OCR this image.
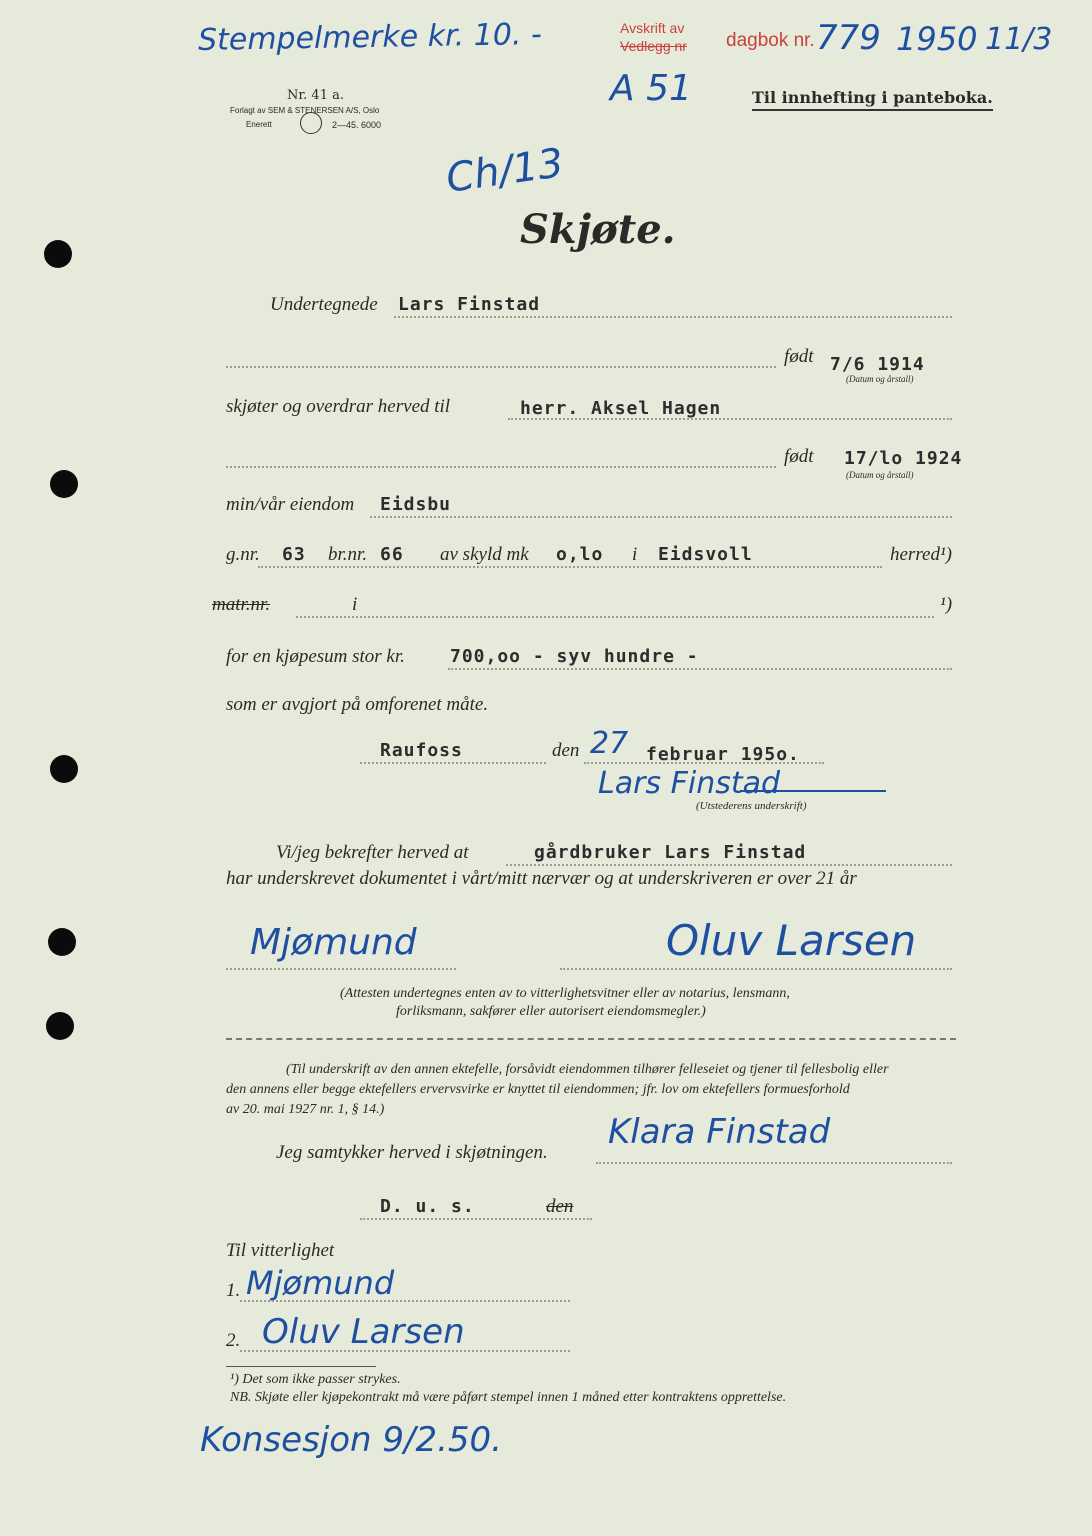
Stempelmerke kr. 10. -	Avskrift av
Vedlegg nr dagbok nr. 779 1950 11/3
A 51
Nr. 41 a.
Forlagt av SEM & STENERSEN A/S, Oslo
Enerett	2—45. 6000
Til innhefting i panteboka.
Ch/13
Skjøte.
Undertegnede Lars Finstad
født 7/6 1914
(Datum og årstall)
skjøter og overdrar herved til	herr. Aksel Hagen
født 17/lo 1924
(Datum og årstall)
min/vår eiendom Eidsbu
g.nr. 63 br.nr. 66 av skyld mk o,lo i Eidsvoll	herred¹)
matr.nr.	i	¹)
for en kjøpesum stor kr.	700,oo - syv hundre -
som er avgjort på omforenet måte.
Raufoss	den 27 februar 195o.
Lars Finstad
(Utstederens underskrift)
Vi/jeg bekrefter herved at	gårdbruker Lars Finstad
har underskrevet dokumentet i vårt/mitt nærvær og at underskriveren er over 21 år
Mjømund	Oluv Larsen
(Attesten undertegnes enten av to vitterlighetsvitner eller av notarius, lensmann,
forliksmann, sakfører eller autorisert eiendomsmegler.)
(Til underskrift av den annen ektefelle, forsåvidt eiendommen tilhører felleseiet og tjener til fellesbolig eller
den annens eller begge ektefellers ervervsvirke er knyttet til eiendommen; jfr. lov om ektefellers formuesforhold
av 20. mai 1927 nr. 1, § 14.)
Jeg samtykker herved i skjøtningen.
Klara Finstad
D. u. s.	den
Til vitterlighet
1. Mjømund
2. Oluv Larsen
¹) Det som ikke passer strykes.
NB. Skjøte eller kjøpekontrakt må være påført stempel innen 1 måned etter kontraktens opprettelse.
Konsesjon 9/2.50.
